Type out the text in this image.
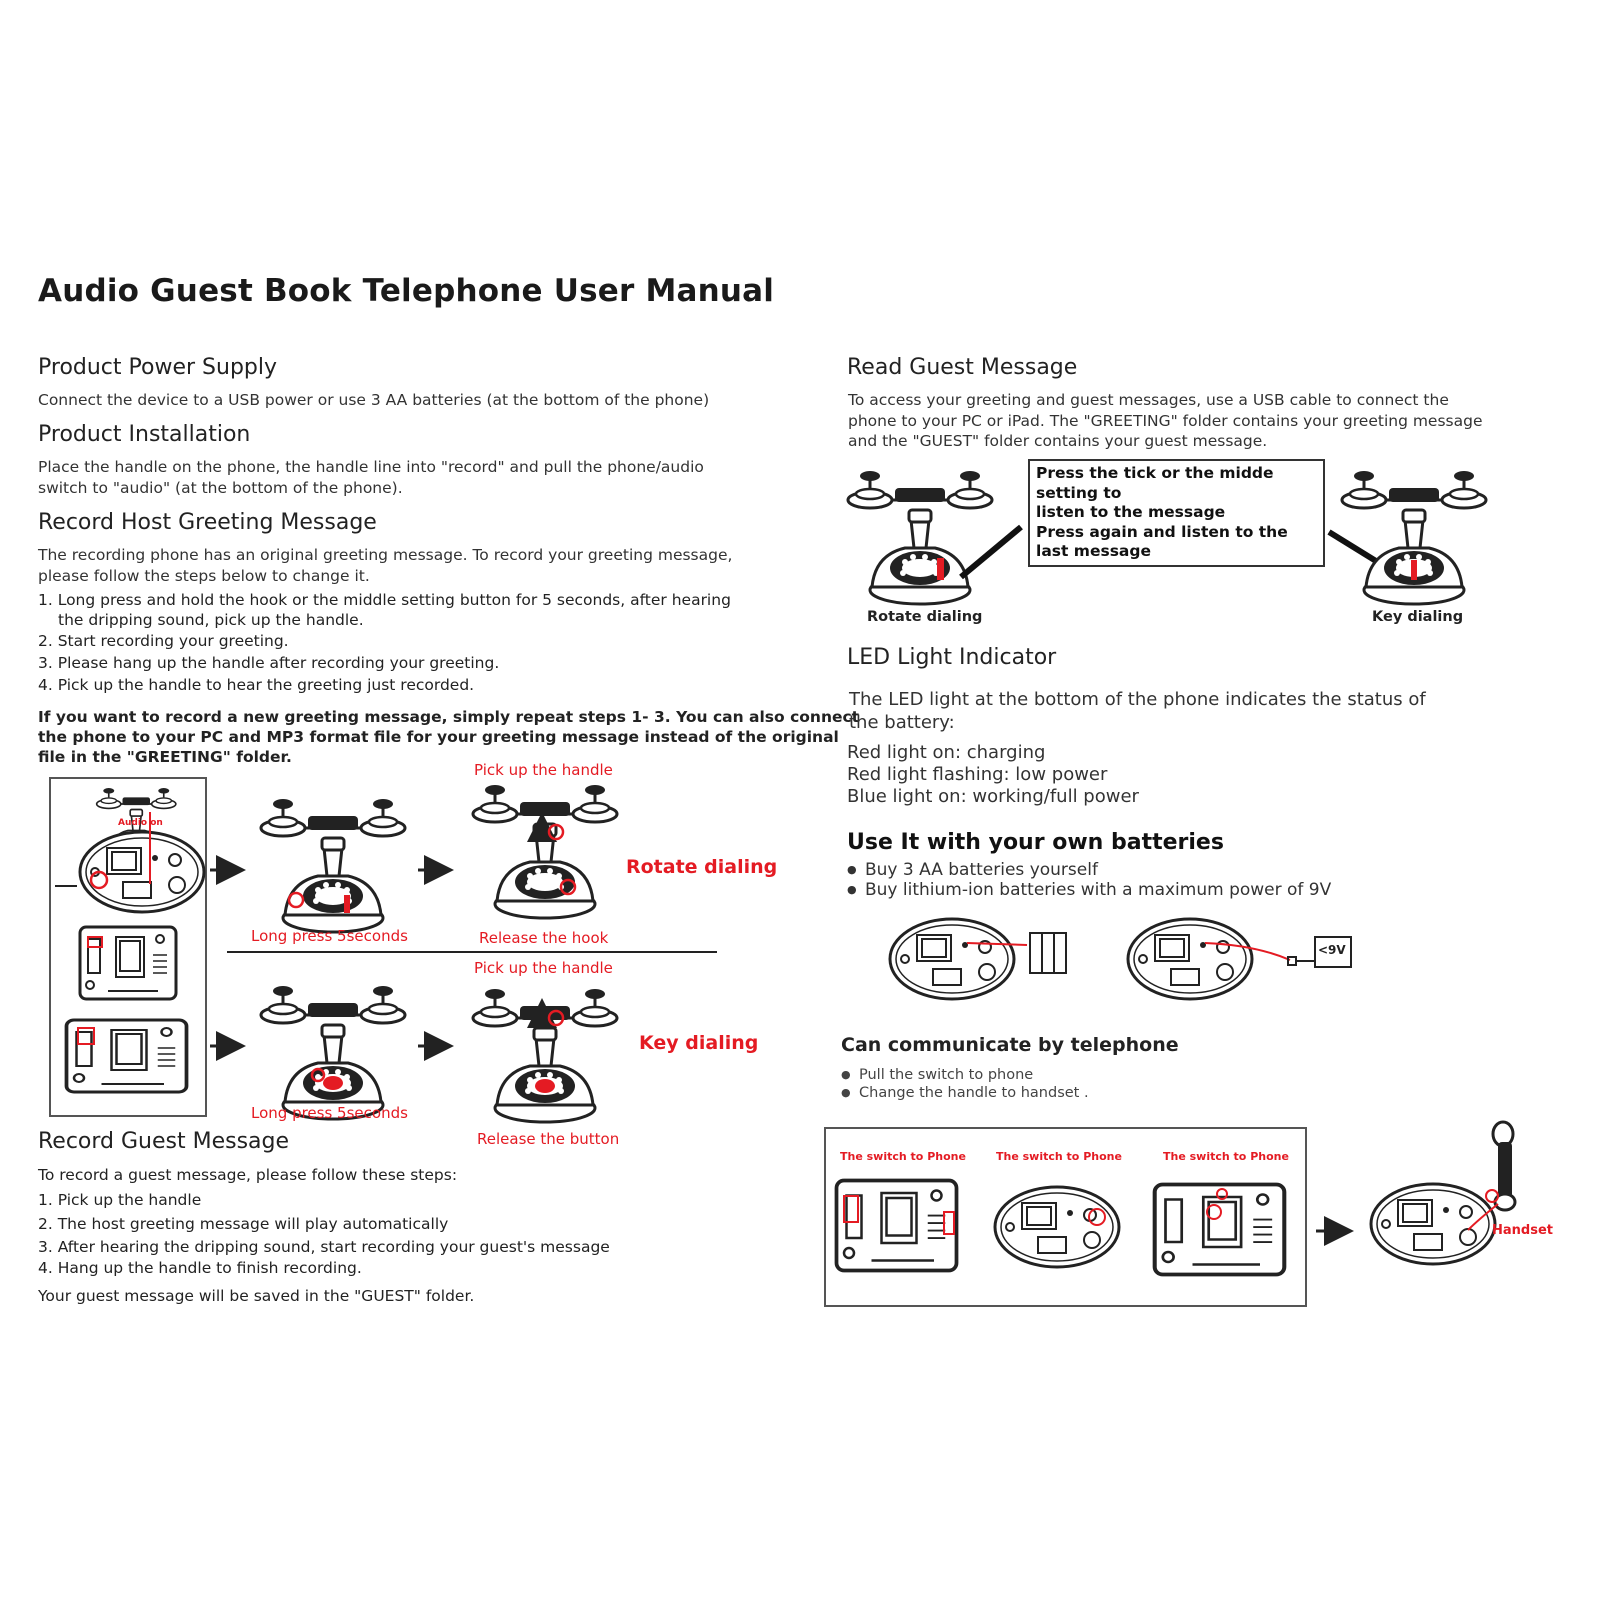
Audio Guest Book Telephone User Manual
Product Power Supply
Connect the device to a USB power or use 3 AA batteries (at the bottom of the phone)
Product Installation
Place the handle on the phone, the handle line into "record" and pull the phone/audio
switch to "audio" (at the bottom of the phone).
Record Host Greeting Message
The recording phone has an original greeting message. To record your greeting message,
please follow the steps below to change it.
1. Long press and hold the hook or the middle setting button for 5 seconds, after hearing
the dripping sound, pick up the handle.
2. Start recording your greeting.
3. Please hang up the handle after recording your greeting.
4. Pick up the handle to hear the greeting just recorded.
If you want to record a new greeting message, simply repeat steps 1- 3. You can also connect
the phone to your PC and MP3 format file for your greeting message instead of the original
file in the "GREETING" folder.
Audio on
Long press 5seconds
Pick up the handle
Release the hook
Rotate dialing
Pick up the handle
Long press 5seconds
Release the button
Key dialing
Record Guest Message
To record a guest message, please follow these steps:
1. Pick up the handle
2. The host greeting message will play automatically
3. After hearing the dripping sound, start recording your guest's message
4. Hang up the handle to finish recording.
Your guest message will be saved in the "GUEST" folder.
Read Guest Message
To access your greeting and guest messages, use a USB cable to connect the
phone to your PC or iPad. The "GREETING" folder contains your greeting message
and the "GUEST" folder contains your guest message.
Press the tick or the midde setting to
listen to the message
Press again and listen to the last message
Rotate dialing	Key dialing
LED Light Indicator
The LED light at the bottom of the phone indicates the status of
the battery:
Red light on: charging
Red light flashing: low power
Blue light on: working/full power
Use It with your own batteries
● Buy 3 AA batteries yourself
● Buy lithium-ion batteries with a maximum power of 9V
<9V
Can communicate by telephone
● Pull the switch to phone
● Change the handle to handset .
The switch to Phone	The switch to Phone	The switch to Phone
Handset
